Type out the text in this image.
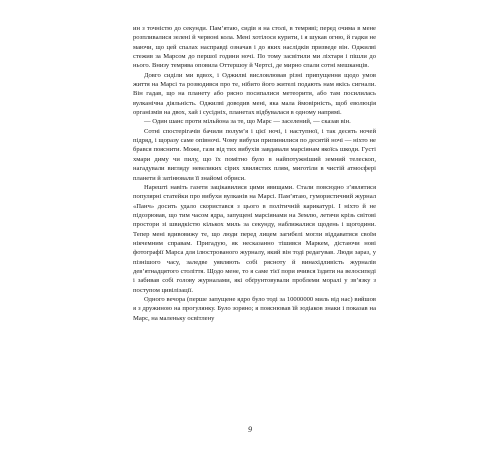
ин з точністю до секунди. Пам’ятаю, сидів я на столі, в темряві; перед очима в мене розпливалися зелені й червоні кола. Мені хотілося курити, і я шукав огню, й гадки не маючи, що цей спалах насправді означав і до яких наслідків призведе він. Оджилві стежив за Марсом до першої години ночі. По тому засвітили ми ліхтаря і пішли до нього. Внизу темрява оповила Оттершоу й Чертсі, де мирно спали сотні мешканців.

Довго сиділи ми вдвох, і Оджилві висловлював різні припущення щодо умов життя на Марсі та розводився про те, нібито його жителі подають нам якісь сигнали. Він гадав, що на планету або рясно посипалися метеорити, або там посилилась вулканічна діяльність. Оджилві доводив мені, яка мала ймовірність, щоб еволюція організмів на двох, хай і сусідніх, планетах відбувалася в одному напрямі.

— Один шанс проти мільйона за те, що Марс — заселений, — сказав він.

Сотні спостерігачів бачили полум’я і цієї ночі, і наступної, і так десять ночей підряд, і щоразу саме опівночі. Чому вибухи припинилися по десятій ночі — ніхто не брався пояснити. Може, гази від тих вибухів завдавали марсіянам якоїсь шкоди. Густі хмари диму чи пилу, що їх помітно було в найпотужніший земний телескоп, нагадували вигляду невеликих сірих хвилястих плям, миготіли в чистій атмосфері планети й затінювали її знайомі обриси.

Нарешті навіть газети зацікавилися цими явищами. Стали повсюдно з’являтися популярні статейки про вибухи вулканів на Марсі. Пам’ятаю, гумористичний журнал «Панч» досить удало скористався з цього в політичній карикатурі. І ніхто й не підозрював, що тим часом ядра, запущені марсіянами на Землю, летячи крізь світові простори зі швидкістю кількох миль за секунду, наближалися щодень і щогодини. Тепер мені вдивовижу те, що люди перед лицем загибелі могли віддаватися своїм нікчемним справам. Пригадую, як несказанно тішився Маркем, дістаючи нові фотографії Марса для ілюстрованого журналу, який він тоді редагував. Люди зараз, у пізнішого часу, заледве уявляють собі рясноту й винахідливість журналів дев’ятнадцятого століття. Щодо мене, то я саме тієї пори вчився їздити на велосипеді і забивав собі голову журналами, які обґрунтовували проблеми моралі у зв’язку з поступом цивілізації.

Одного вечора (перше запущене ядро було тоді за 10000000 миль від нас) вийшов я з дружиною на прогулянку. Було зоряно; я пояснював їй зодіаков знаки і показав на Марс, на маленьку освітлену

9
